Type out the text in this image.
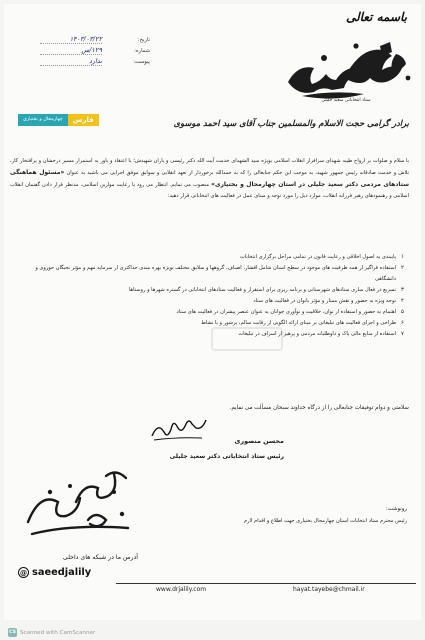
باسمه تعالی
تاریخ:
۱۴۰۳/۰۳/۲۲
شماره:
۱۲۹/س
پیوست:
ندارد
ستاد انتخاباتی سعید جلیلی
چهارمحال و بختیاری	فارس	برادر گرامی حجت الاسلام والمسلمین جناب آقای سید احمد موسوی
با سلام و صلوات بر ارواح طیبه شهدای سرافراز انقلاب اسلامی بویژه سید الشهدای خدمت آیت الله دکتر رئیسی و یاران شهیدش؛ با اعتقاد و باور به استمرار مسیر درخشان و پرافتخار کار، تلاش و خدمت صادقانه رئیس جمهور شهید، به موجب این حکم جنابعالی را که به حمدالله برخوردار از تعهد انقلابی و سوابق موفق اجرایی می باشید به عنوان «مسئول هماهنگی ستادهای مردمی دکتر سعید جلیلی در استان چهارمحال و بختیاری» منصوب می نمایم. انتظار می رود با رعایت موازین اسلامی، مدنظر قرار دادن گفتمان انقلاب اسلامی و رهنمودهای رهبر فرزانه انقلاب، موارد ذیل را مورد توجه و مبنای عمل در فعالیت های انتخاباتی قرار دهید:
۱
پایبندی به اصول اخلاقی و رعایت قانون در تمامی مراحل برگزاری انتخابات
۲
استفاده فراگیر از همه ظرفیت های موجود در سطح استان شامل اقشار، اصناف، گروهها و سلایق مختلف بویژه بهره مندی حداکثری از سرمایه مهم و مؤثر نخبگان حوزوی و دانشگاهی
۳
تسریع در فعال سازی ستادهای شهرستانی و برنامه ریزی برای استقرار و فعالیت ستادهای انتخاباتی در گستره شهرها و روستاها
۴
توجه ویژه به حضور و نقش ممتاز و مؤثر بانوان در فعالیت های ستاد
۵
اهتمام به حضور و استفاده از توان، خلاقیت و نوآوری جوانان به عنوان عنصر پیشران در فعالیت های ستاد
۶
طراحی و اجرای فعالیت های تبلیغاتی بر مبنای ارائه الگویی از رقابت سالم، پرشور و با نشاط
۷
استفاده از منابع مالی پاک و داوطلبانه مردمی و پرهیز از اسراف در تبلیغات
سلامتی و دوام توفیقات جنابعالی را از درگاه خداوند سبحان مسألت می نمایم.
محسن منصوری
رئیس ستاد انتخاباتی دکتر سعید جلیلی
آدرس ما در شبکه های داخلی
@ saeedjalily
رونوشت:
رئیس محترم ستاد انتخابات استان چهارمحال بختیاری جهت اطلاع و اقدام لازم
www.drjalily.com	hayat.tayebe@chmail.ir
CS Scanned with CamScanner
